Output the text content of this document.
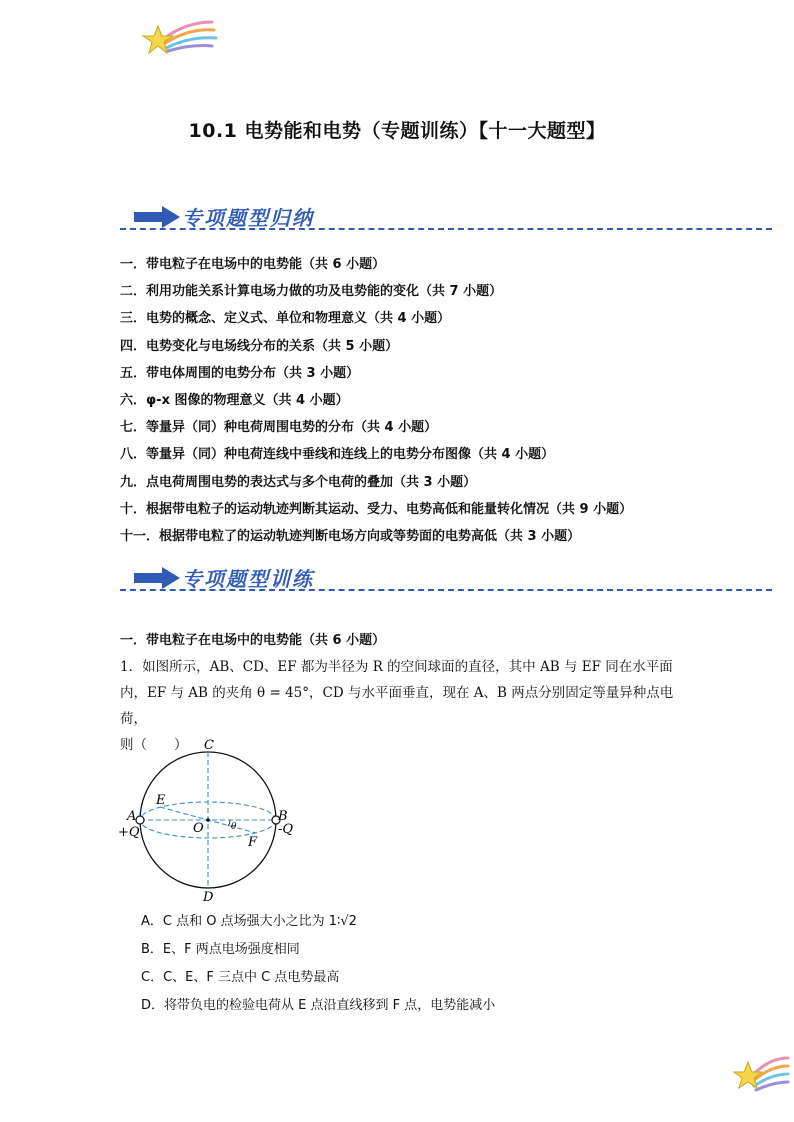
10.1 电势能和电势（专题训练）【十一大题型】
专项题型归纳
一．带电粒子在电场中的电势能（共 6 小题）
二．利用功能关系计算电场力做的功及电势能的变化（共 7 小题）
三．电势的概念、定义式、单位和物理意义（共 4 小题）
四．电势变化与电场线分布的关系（共 5 小题）
五．带电体周围的电势分布（共 3 小题）
六．φ-x 图像的物理意义（共 4 小题）
七．等量异（同）种电荷周围电势的分布（共 4 小题）
八．等量异（同）种电荷连线中垂线和连线上的电势分布图像（共 4 小题）
九．点电荷周围电势的表达式与多个电荷的叠加（共 3 小题）
十．根据带电粒子的运动轨迹判断其运动、受力、电势高低和能量转化情况（共 9 小题）
十一．根据带电粒了的运动轨迹判断电场方向或等势面的电势高低（共 3 小题）
专项题型训练
一．带电粒子在电场中的电势能（共 6 小题）
1．如图所示，AB、CD、EF 都为半径为 R 的空间球面的直径，其中 AB 与 EF 同在水平面
内，EF 与 AB 的夹角 θ = 45°，CD 与水平面垂直，现在 A、B 两点分别固定等量异种点电荷，
则（　　）	C
D
E
F
O
A	B
+Q	-Q
θ
A．C 点和 O 点场强大小之比为 1∶√2
B．E、F 两点电场强度相同
C．C、E、F 三点中 C 点电势最高
D．将带负电的检验电荷从 E 点沿直线移到 F 点，电势能减小
